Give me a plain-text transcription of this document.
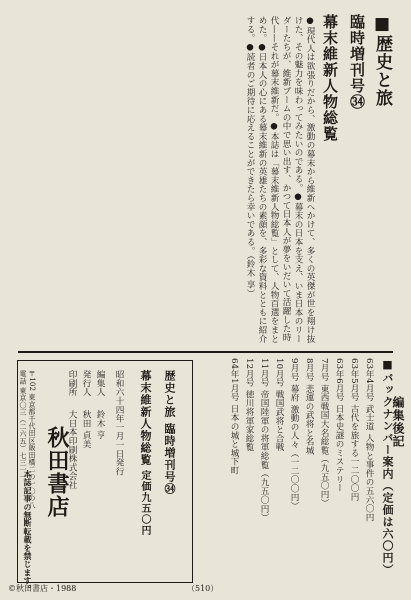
■歴史と旅
臨時増刊号㉞
幕末維新人物総覧
●現代人は欲張りだから、激動の幕末から維新へかけて、多くの英傑が世を翔け抜けた、その魅力を味わってみたいのである。●幕末の日本を支え、いま日本のリーダーたちが、維新ブームの中で思い出す、かつて日本人が夢をいだいて活躍した時代——それが幕末維新だ。●本誌は「幕末維新人物総覧」として、人物百選をまとめた。●日本人の心にある幕末維新の英雄たちの素顔を、多彩な資料とともに紹介する。●読者のご期待に応えることができたら幸いである。（鈴木 享）
編集後記
■バックナンバー案内（定価は六〇円）
63年4月号 武士道 人物と事件の五六〇円
63年5月号 古代を旅する一二〇〇円
63年6月号 日本史謎のミステリー
7月号 東西戦国大名総覧（九五〇円）
8月号 悲運の武将と名城
9月号 幕府 激動の人々（一二〇〇円）
10月号 戦国武将と合戦
11月号 帝国陸軍の将軍総覧（九五〇円）
12月号 徳川将軍家総覧
64年1月号 日本の城と城下町
歴史と旅 臨時増刊号㉞
幕末維新人物総覧
定価九五〇円
昭和六十四年一月一日発行
編集人
鈴木 亨
発行人
秋田 貞美
印刷所
大日本印刷株式会社
秋田書店
〒102 東京都千代田区飯田橋二の一〇の八
電話 東京〇三（二六五）七三一一
本誌記事の無断転載を禁じます。
©秋田書店・1988	（510）
